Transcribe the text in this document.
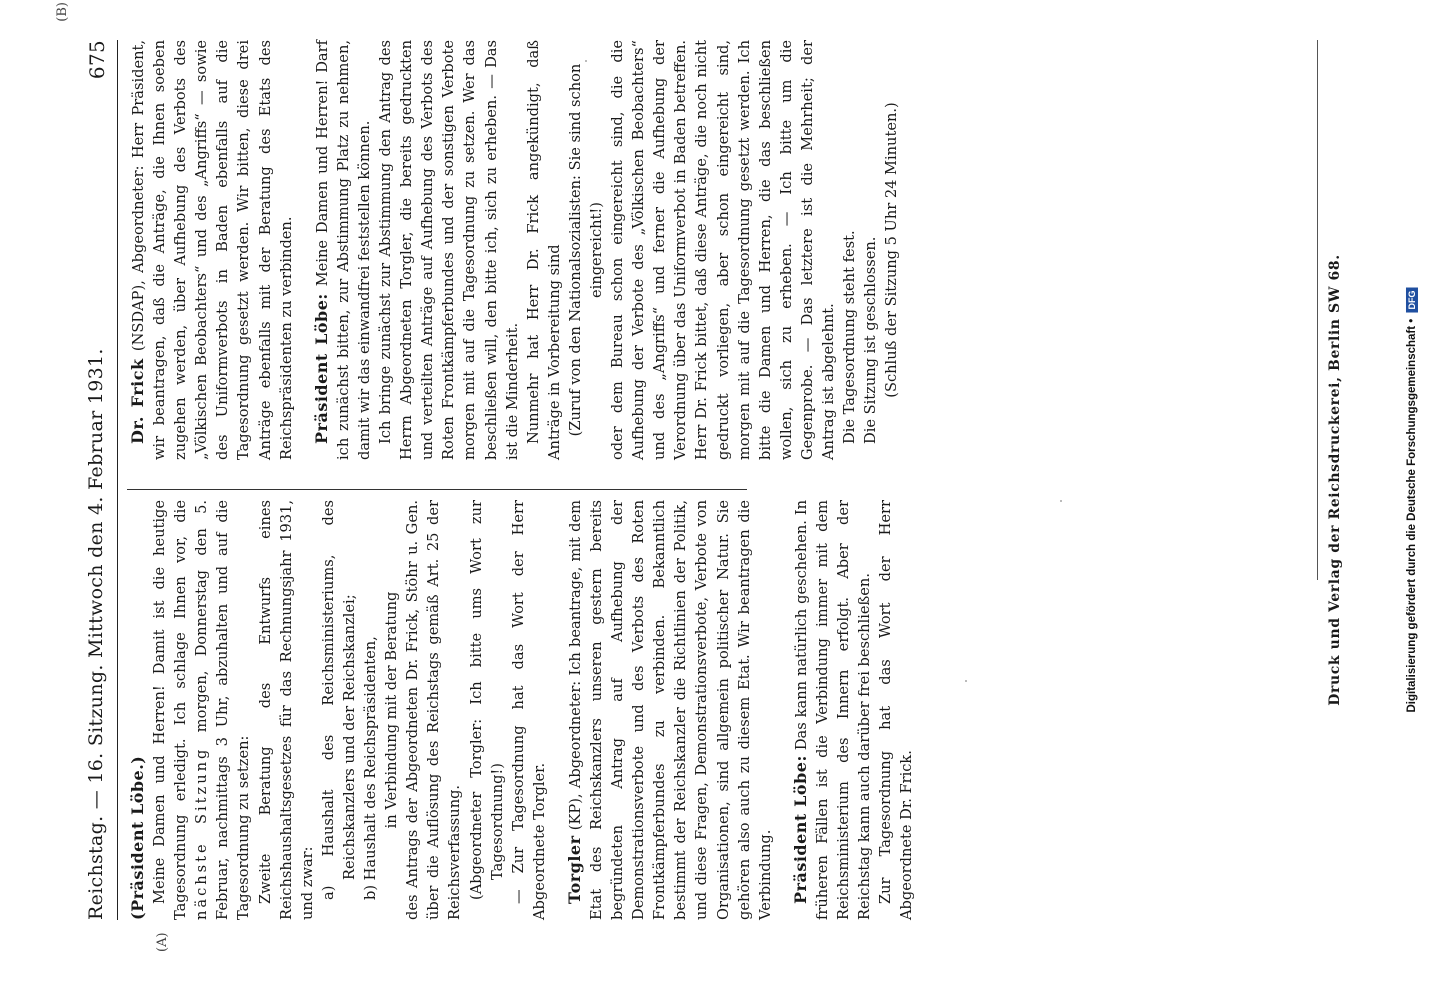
Reichstag. — 16. Sitzung. Mittwoch den 4. Februar 1931.
675
(A)
(B)

(Präsident Löbe.) Meine Damen und Herren! Damit ist die heutige Tagesordnung erledigt. Ich schlage Ihnen vor, die nächste Sitzung morgen, Donnerstag den 5. Februar, nachmittags 3 Uhr, abzuhalten und auf die Tagesordnung zu setzen: Zweite Beratung des Entwurfs eines Reichshaushaltsgesetzes für das Rechnungsjahr 1931, und zwar: a) Haushalt des Reichsministeriums, des Reichskanzlers und der Reichskanzlei; b) Haushalt des Reichspräsidenten, in Verbindung mit der Beratung des Antrags der Abgeordneten Dr. Frick, Stöhr u. Gen. über die Auflösung des Reichstags gemäß Art. 25 der Reichsverfassung. (Abgeordneter Torgler: Ich bitte ums Wort zur Tagesordnung!) — Zur Tagesordnung hat das Wort der Herr Abgeordnete Torgler. Torgler (KP), Abgeordneter: Ich beantrage, mit dem Etat des Reichskanzlers unseren gestern bereits begründeten Antrag auf Aufhebung der Demonstrationsverbote und des Verbots des Roten Frontkämpferbundes zu verbinden. Bekanntlich bestimmt der Reichskanzler die Richtlinien der Politik, und diese Fragen, Demonstrationsverbote, Verbote von Organisationen, sind allgemein politischer Natur. Sie gehören also auch zu diesem Etat. Wir beantragen die Verbindung. Präsident Löbe: Das kann natürlich geschehen. In früheren Fällen ist die Verbindung immer mit dem Reichsministerium des Innern erfolgt. Aber der Reichstag kann auch darüber frei beschließen. Zur Tagesordnung hat das Wort der Herr Abgeordnete Dr. Frick.

Dr. Frick (NSDAP), Abgeordneter: Herr Präsident, wir beantragen, daß die Anträge, die Ihnen soeben zugehen werden, über Aufhebung des Verbots des „Völkischen Beobachters“ und des „Angriffs“ — sowie des Uniformverbots in Baden ebenfalls auf die Tagesordnung gesetzt werden. Wir bitten, diese drei Anträge ebenfalls mit der Beratung des Etats des Reichspräsidenten zu verbinden. Präsident Löbe: Meine Damen und Herren! Darf ich zunächst bitten, zur Abstimmung Platz zu nehmen, damit wir das einwandfrei feststellen können. Ich bringe zunächst zur Abstimmung den Antrag des Herrn Abgeordneten Torgler, die bereits gedruckten und verteilten Anträge auf Aufhebung des Verbots des Roten Frontkämpferbundes und der sonstigen Verbote morgen mit auf die Tagesordnung zu setzen. Wer das beschließen will, den bitte ich, sich zu erheben. — Das ist die Minderheit. Nunmehr hat Herr Dr. Frick angekündigt, daß Anträge in Vorbereitung sind (Zuruf von den Nationalsozialisten: Sie sind schon eingereicht!) oder dem Bureau schon eingereicht sind, die die Aufhebung der Verbote des „Völkischen Beobachters“ und des „Angriffs“ und ferner die Aufhebung der Verordnung über das Uniformverbot in Baden betreffen. Herr Dr. Frick bittet, daß diese Anträge, die noch nicht gedruckt vorliegen, aber schon eingereicht sind, morgen mit auf die Tagesordnung gesetzt werden. Ich bitte die Damen und Herren, die das beschließen wollen, sich zu erheben. — Ich bitte um die Gegenprobe. — Das letztere ist die Mehrheit; der Antrag ist abgelehnt. Die Tagesordnung steht fest. Die Sitzung ist geschlossen. (Schluß der Sitzung 5 Uhr 24 Minuten.)

Druck und Verlag der Reichsdruckerei, Berlin SW 68.	Digitalisierung gefördert durch die Deutsche Forschungsgemeinschaft • DFG
